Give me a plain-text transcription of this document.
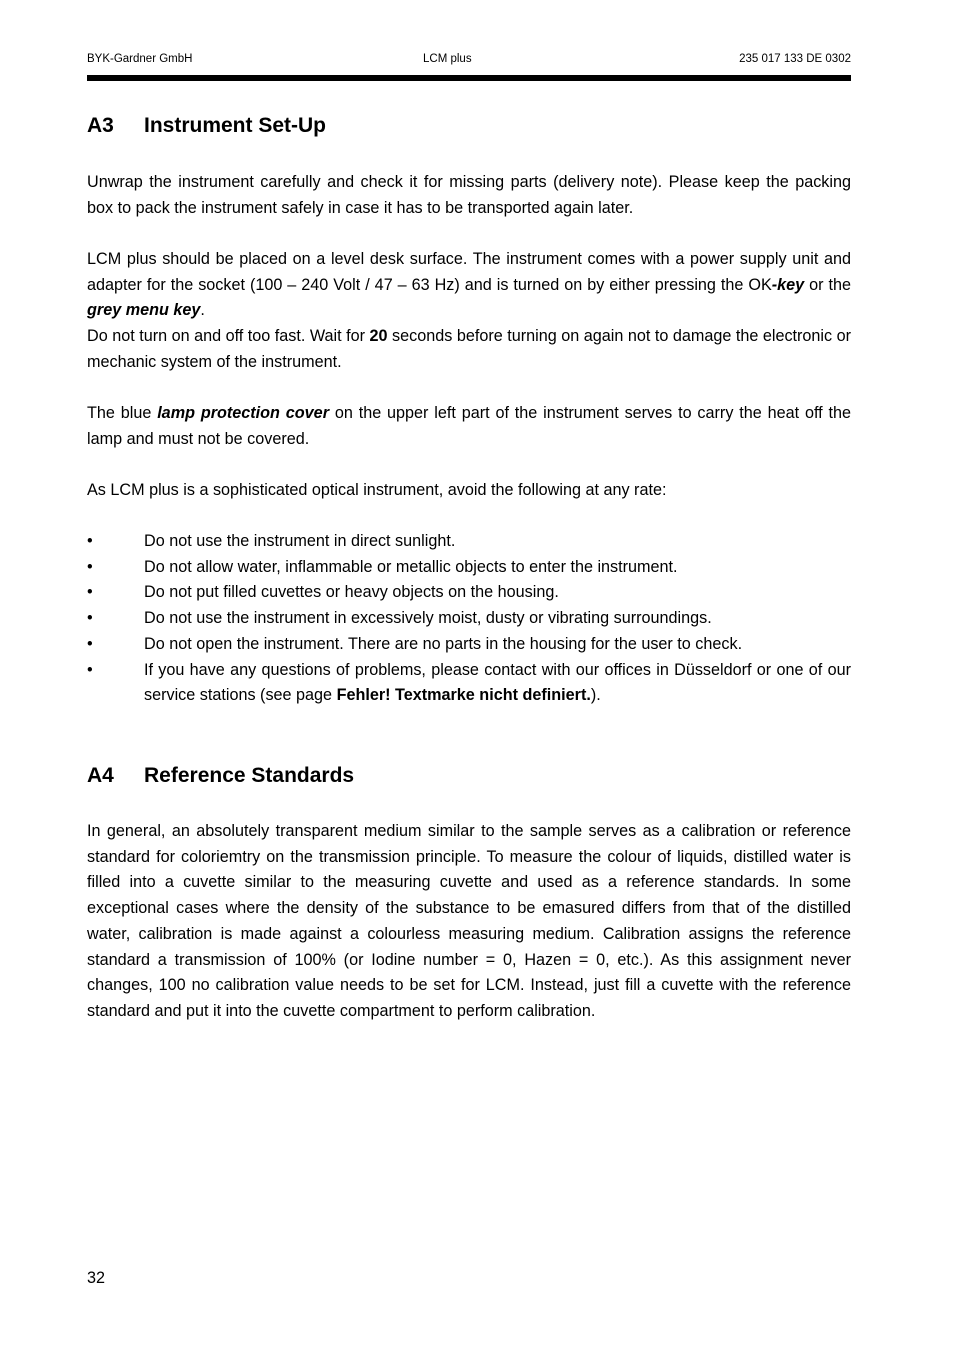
BYK-Gardner GmbH	LCM plus	235 017 133 DE 0302
A3 Instrument Set-Up

Unwrap the instrument carefully and check it for missing parts (delivery note). Please keep the packing box to pack the instrument safely in case it has to be transported again later.

LCM plus should be placed on a level desk surface. The instrument comes with a power supply unit and adapter for the socket (100 – 240 Volt / 47 – 63 Hz) and is turned on by either pressing the OK-key or the grey menu key.

Do not turn on and off too fast. Wait for 20 seconds before turning on again not to damage the electronic or mechanic system of the instrument.

The blue lamp protection cover on the upper left part of the instrument serves to carry the heat off the lamp and must not be covered.

As LCM plus is a sophisticated optical instrument, avoid the following at any rate:

•	Do not use the instrument in direct sunlight.
•	Do not allow water, inflammable or metallic objects to enter the instrument.
•	Do not put filled cuvettes or heavy objects on the housing.
•	Do not use the instrument in excessively moist, dusty or vibrating surroundings.
•	Do not open the instrument. There are no parts in the housing for the user to check.
•	If you have any questions of problems, please contact with our offices in Düsseldorf or one of our service stations (see page Fehler! Textmarke nicht definiert.).
A4 Reference Standards

In general, an absolutely transparent medium similar to the sample serves as a calibration or reference standard for coloriemtry on the transmission principle. To measure the colour of liquids, distilled water is filled into a cuvette similar to the measuring cuvette and used as a reference standards. In some exceptional cases where the density of the substance to be emasured differs from that of the distilled water, calibration is made against a colourless measuring medium. Calibration assigns the reference standard a transmission of 100% (or Iodine number = 0, Hazen = 0, etc.). As this assignment never changes, 100 no calibration value needs to be set for LCM. Instead, just fill a cuvette with the reference standard and put it into the cuvette compartment to perform calibration.

32
